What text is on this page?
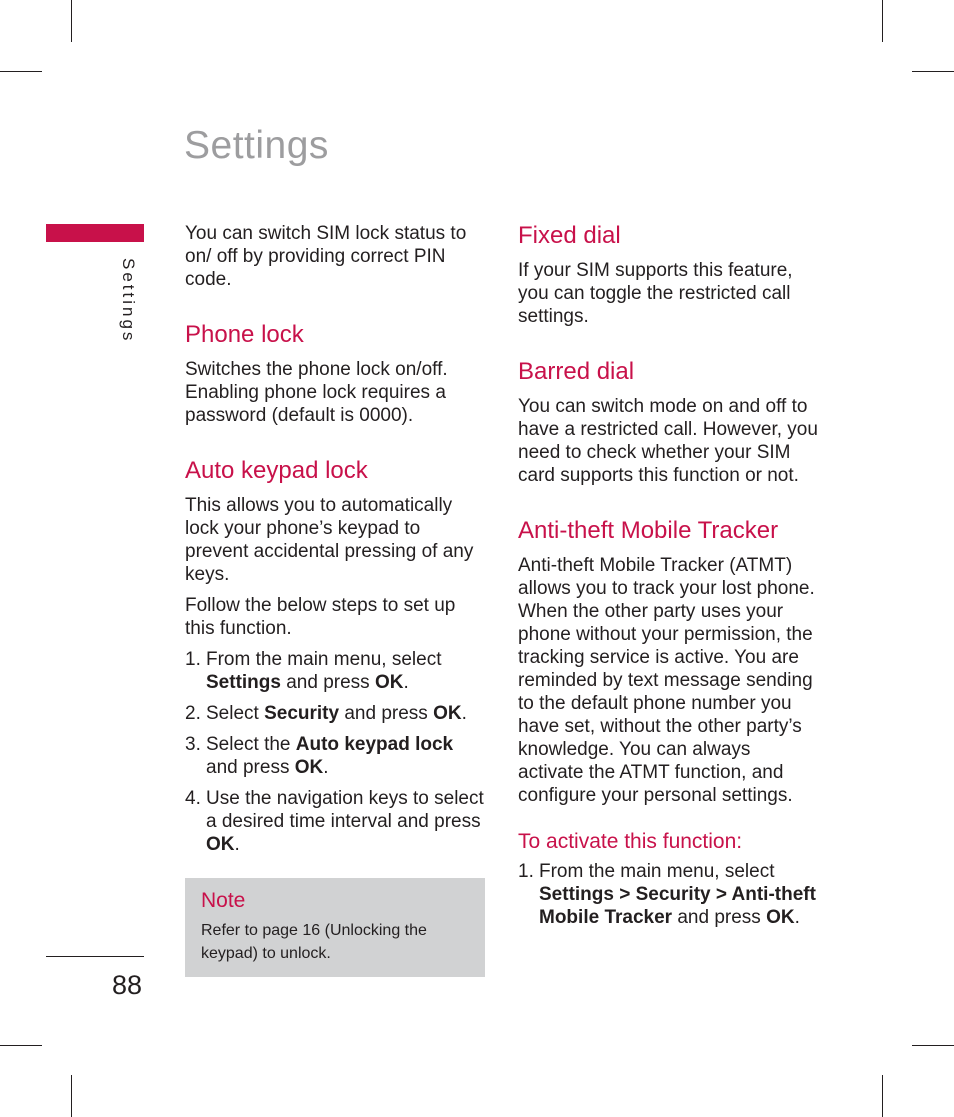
Settings
Settings
88

You can switch SIM lock status to on/ off by providing correct PIN code.

Phone lock

Switches the phone lock on/off. Enabling phone lock requires a password (default is 0000).

Auto keypad lock

This allows you to automatically lock your phone’s keypad to prevent accidental pressing of any keys.

Follow the below steps to set up this function.

1. From the main menu, select Settings and press OK.
2. Select Security and press OK.
3. Select the Auto keypad lock and press OK.
4. Use the navigation keys to select a desired time interval and press OK.
Note

Refer to page 16 (Unlocking the keypad) to unlock.

Fixed dial

If your SIM supports this feature, you can toggle the restricted call settings.

Barred dial

You can switch mode on and off to have a restricted call. However, you need to check whether your SIM card supports this function or not.

Anti-theft Mobile Tracker

Anti-theft Mobile Tracker (ATMT) allows you to track your lost phone. When the other party uses your phone without your permission, the tracking service is active. You are reminded by text message sending to the default phone number you have set, without the other party’s knowledge. You can always activate the ATMT function, and configure your personal settings.

To activate this function:
1. From the main menu, select Settings > Security > Anti-theft Mobile Tracker and press OK.
